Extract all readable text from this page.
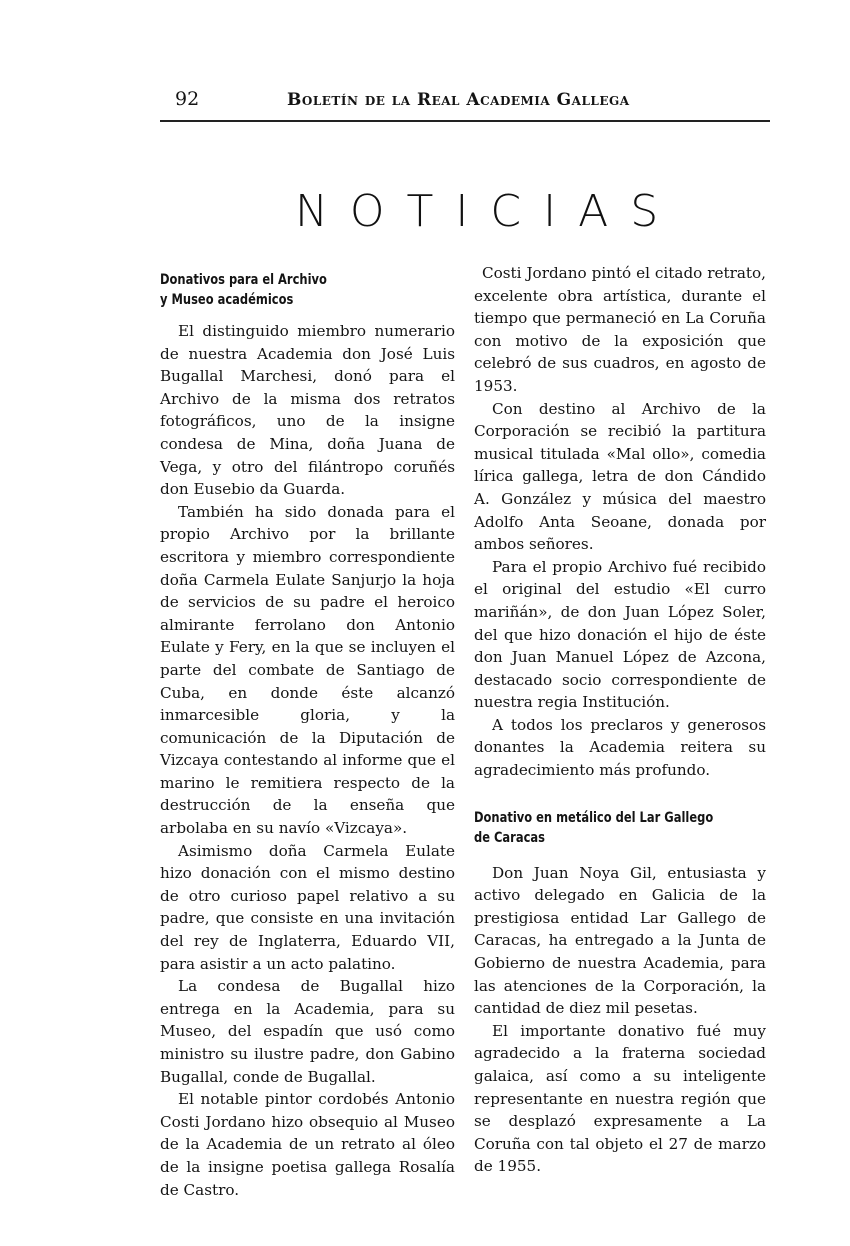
92	Boletín de la Real Academia Gallega
NOTICIAS
Donativos para el Archivo
y Museo académicos

El distinguido miembro numerario de nuestra Academia don José Luis Bugallal Marchesi, donó para el Archivo de la misma dos retratos fotográficos, uno de la insigne condesa de Mina, doña Juana de Vega, y otro del filántropo coruñés don Eusebio da Guarda.

También ha sido donada para el propio Archivo por la brillante escritora y miembro correspondiente doña Carmela Eulate Sanjurjo la hoja de servicios de su padre el heroico almirante ferrolano don Antonio Eulate y Fery, en la que se incluyen el parte del combate de Santiago de Cuba, en donde éste alcanzó inmarcesible gloria, y la comunicación de la Diputación de Vizcaya contestando al informe que el marino le remitiera respecto de la destrucción de la enseña que arbolaba en su navío «Vizcaya».

Asimismo doña Carmela Eulate hizo donación con el mismo destino de otro curioso papel relativo a su padre, que consiste en una invitación del rey de Inglaterra, Eduardo VII, para asistir a un acto palatino.

La condesa de Bugallal hizo entrega en la Academia, para su Museo, del espadín que usó como ministro su ilustre padre, don Gabino Bugallal, conde de Bugallal.

El notable pintor cordobés Antonio Costi Jordano hizo obsequio al Museo de la Academia de un retrato al óleo de la insigne poetisa gallega Rosalía de Castro.

Costi Jordano pintó el citado retrato, excelente obra artística, durante el tiempo que permaneció en La Coruña con motivo de la exposición que celebró de sus cuadros, en agosto de 1953.

Con destino al Archivo de la Corporación se recibió la partitura musical titulada «Mal ollo», comedia lírica gallega, letra de don Cándido A. González y música del maestro Adolfo Anta Seoane, donada por ambos señores.

Para el propio Archivo fué recibido el original del estudio «El curro mariñán», de don Juan López Soler, del que hizo donación el hijo de éste don Juan Manuel López de Azcona, destacado socio correspondiente de nuestra regia Institución.

A todos los preclaros y generosos donantes la Academia reitera su agradecimiento más profundo.

Donativo en metálico del Lar Gallego
de Caracas

Don Juan Noya Gil, entusiasta y activo delegado en Galicia de la prestigiosa entidad Lar Gallego de Caracas, ha entregado a la Junta de Gobierno de nuestra Academia, para las atenciones de la Corporación, la cantidad de diez mil pesetas.

El importante donativo fué muy agradecido a la fraterna sociedad galaica, así como a su inteligente representante en nuestra región que se desplazó expresamente a La Coruña con tal objeto el 27 de marzo de 1955.
